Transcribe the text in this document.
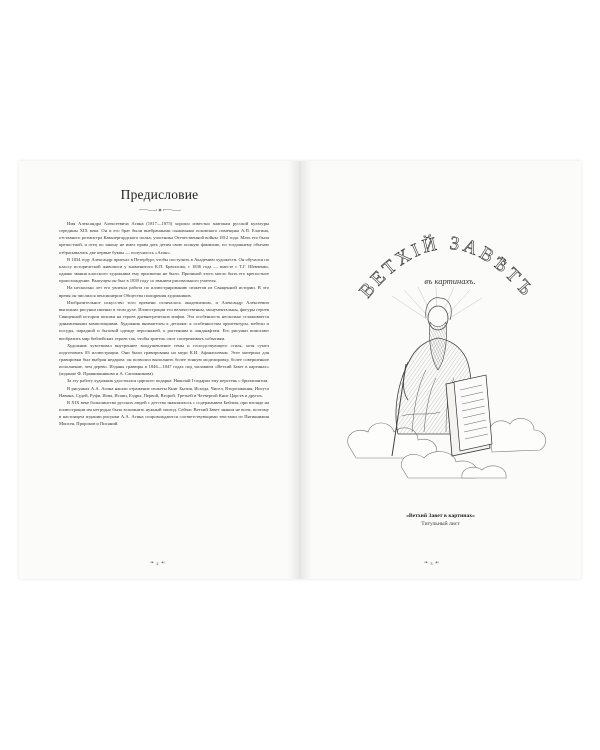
Предисловие

Имя Александра Алексеевича Агина (1817—1875) хорошо известно знатокам русской культуры середины XIX века. Он и его брат были внебрачными сыновьями псковского помещика А.П. Елагина, отставного ротмистра Кавалергардского полка, участника Отечественной войны 1812 года. Мать его была крепостной, и отец по закону не имел права дать детям свою полную фамилию, по тогдашнему обычаю отбрасывались две первые буквы — получилось «Агин».

В 1834 году Александр приехал в Петербург, чтобы поступить в Академию художеств. Он обучался по классу исторической живописи у знаменитого К.П. Брюллова, с 1836 года — вместе с Т.Г. Шевченко, однако звания классного художника ему присвоено не было. Причиной этого могло быть его крепостное происхождение. Выпущен он был в 1839 году со званием рисовального учителя.

На несколько лет его увлекла работа по иллюстрированию сюжетов из Священной истории. В это время он числился пенсионером Общества поощрения художников.

Изобразительное искусство того времени отличалось академизмом, и Александр Алексеевич выполнил рисунки именно в этом духе. Иллюстрации его величественны, монументальны, фигуры героев Священной истории похожи на героев древнегреческих мифов. Эта особенность несколько сглаживается динамичными композициями. Художник внимателен к деталям: к особенностям архитектуры, мебели и посуды, парадной и бытовой одежде персонажей, к растениям и ландшафтам. Его рисунки помогают вообразить мир библейских героев так, чтобы зритель смог сопереживать событиям.

Художник чувствовал внутреннее воодушевление темы и господствующего стиля, хотя сумел подготовить 83 иллюстрации. Они были гравированы на меди К.И. Афанасьевым. Этот материал для гравировки был выбран недаром: он позволил выполнить более тонкую моделировку, более совершенное исполнение, чем дерево. Изданы гравюры в 1846—1847 годах под заглавием «Ветхий Завет в картинах» (издание Ф. Праянишникова и А. Сапожникова).

За эту работу художник удостоился царского подарка: Николай I подарил ему перстень с бриллиантом.

В рисунках А.А. Агина нашли отражение сюжеты Книг Бытия, Исхода, Чисел, Второзакония, Иисуса Навина, Судей, Руфи, Иова, Исаии, Ездры, Первой, Второй, Третьей и Четвертой Книг Царств и других.

В XIX веке большинство русских людей с детства знакомилось с содержанием Библии, при взгляде на иллюстрации им нетрудно было вспомнить нужный эпизод. Сейчас Ветхий Завет знаком не всем, поэтому в настоящем издании рисунки А.А. Агина сопровождаются соответствующими текстами из Пятикнижия Моисея, Пророков и Писаний.

❧ 2 ☙
ВЕТХIЙ ЗАВѢТЪ
въ картинахъ.
«Ветхий Завет в картинах»
Титульный лист
❧ 3 ☙
